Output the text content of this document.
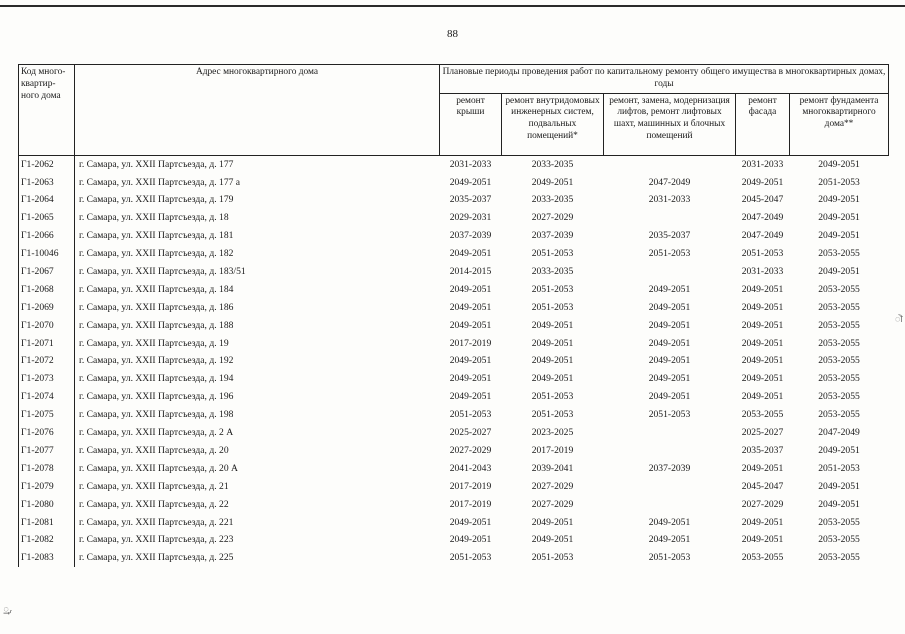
88
Код много-квартир-ного дома	Адрес многоквартирного дома	Плановые периоды проведения работ по капитальному ремонту общего имущества в многоквартирных домах, годы				
		ремонт крыши	ремонт внутридомовых инженерных систем, подвальных помещений*	ремонт, замена, модернизация лифтов, ремонт лифтовых шахт, машинных и блочных помещений	ремонт фасада	ремонт фундамента многоквартирного дома**
Г1-2062	г. Самара, ул. XXII Партсъезда, д. 177	2031-2033	2033-2035		2031-2033	2049-2051
Г1-2063	г. Самара, ул. XXII Партсъезда, д. 177 а	2049-2051	2049-2051	2047-2049	2049-2051	2051-2053
Г1-2064	г. Самара, ул. XXII Партсъезда, д. 179	2035-2037	2033-2035	2031-2033	2045-2047	2049-2051
Г1-2065	г. Самара, ул. XXII Партсъезда, д. 18	2029-2031	2027-2029		2047-2049	2049-2051
Г1-2066	г. Самара, ул. XXII Партсъезда, д. 181	2037-2039	2037-2039	2035-2037	2047-2049	2049-2051
Г1-10046	г. Самара, ул. XXII Партсъезда, д. 182	2049-2051	2051-2053	2051-2053	2051-2053	2053-2055
Г1-2067	г. Самара, ул. XXII Партсъезда, д. 183/51	2014-2015	2033-2035		2031-2033	2049-2051
Г1-2068	г. Самара, ул. XXII Партсъезда, д. 184	2049-2051	2051-2053	2049-2051	2049-2051	2053-2055
Г1-2069	г. Самара, ул. XXII Партсъезда, д. 186	2049-2051	2051-2053	2049-2051	2049-2051	2053-2055
Г1-2070	г. Самара, ул. XXII Партсъезда, д. 188	2049-2051	2049-2051	2049-2051	2049-2051	2053-2055
Г1-2071	г. Самара, ул. XXII Партсъезда, д. 19	2017-2019	2049-2051	2049-2051	2049-2051	2053-2055
Г1-2072	г. Самара, ул. XXII Партсъезда, д. 192	2049-2051	2049-2051	2049-2051	2049-2051	2053-2055
Г1-2073	г. Самара, ул. XXII Партсъезда, д. 194	2049-2051	2049-2051	2049-2051	2049-2051	2053-2055
Г1-2074	г. Самара, ул. XXII Партсъезда, д. 196	2049-2051	2051-2053	2049-2051	2049-2051	2053-2055
Г1-2075	г. Самара, ул. XXII Партсъезда, д. 198	2051-2053	2051-2053	2051-2053	2053-2055	2053-2055
Г1-2076	г. Самара, ул. XXII Партсъезда, д. 2 А	2025-2027	2023-2025		2025-2027	2047-2049
Г1-2077	г. Самара, ул. XXII Партсъезда, д. 20	2027-2029	2017-2019		2035-2037	2049-2051
Г1-2078	г. Самара, ул. XXII Партсъезда, д. 20 А	2041-2043	2039-2041	2037-2039	2049-2051	2051-2053
Г1-2079	г. Самара, ул. XXII Партсъезда, д. 21	2017-2019	2027-2029		2045-2047	2049-2051
Г1-2080	г. Самара, ул. XXII Партсъезда, д. 22	2017-2019	2027-2029		2027-2029	2049-2051
Г1-2081	г. Самара, ул. XXII Партсъезда, д. 221	2049-2051	2049-2051	2049-2051	2049-2051	2053-2055
Г1-2082	г. Самара, ул. XXII Партсъезда, д. 223	2049-2051	2049-2051	2049-2051	2049-2051	2053-2055
Г1-2083	г. Самара, ул. XXII Партсъезда, д. 225	2051-2053	2051-2053	2051-2053	2053-2055	2053-2055
ॊ
ॊ
